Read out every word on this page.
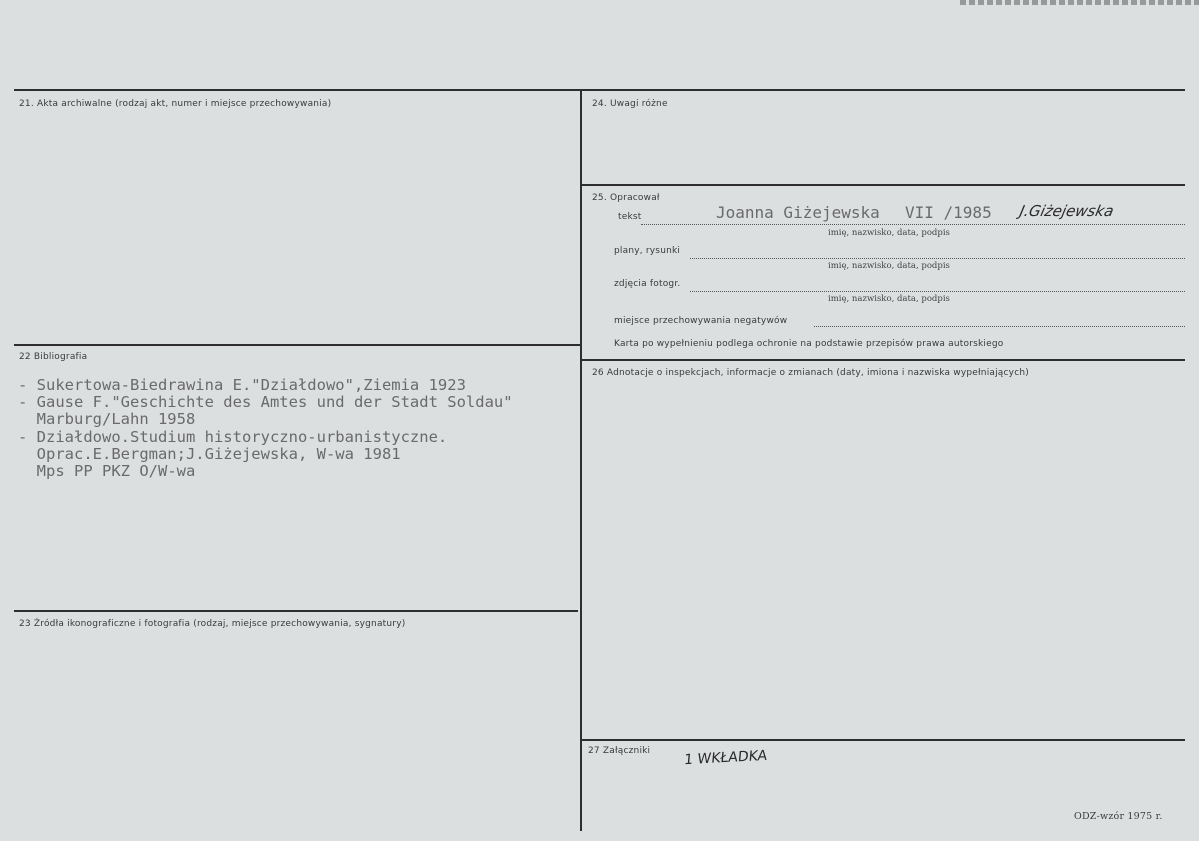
21. Akta archiwalne (rodzaj akt, numer i miejsce przechowywania)
22 Bibliografia
23 Źródła ikonograficzne i fotografia (rodzaj, miejsce przechowywania, sygnatury)
- Sukertowa-Biedrawina E."Działdowo",Ziemia 1923
- Gause F."Geschichte des Amtes und der Stadt Soldau"
Marburg/Lahn 1958
- Działdowo.Studium historyczno-urbanistyczne.
Oprac.E.Bergman;J.Giżejewska, W-wa 1981
Mps PP PKZ O/W-wa
24. Uwagi różne
25. Opracował
tekst	Joanna Giżejewska VII /1985 J.Giżejewska
imię, nazwisko, data, podpis
plany, rysunki
imię, nazwisko, data, podpis
zdjęcia fotogr.
imię, nazwisko, data, podpis
miejsce przechowywania negatywów
Karta po wypełnieniu podlega ochronie na podstawie przepisów prawa autorskiego
26 Adnotacje o inspekcjach, informacje o zmianach (daty, imiona i nazwiska wypełniających)
27 Załączniki 1 WKŁADKA
ODZ-wzór 1975 r.
